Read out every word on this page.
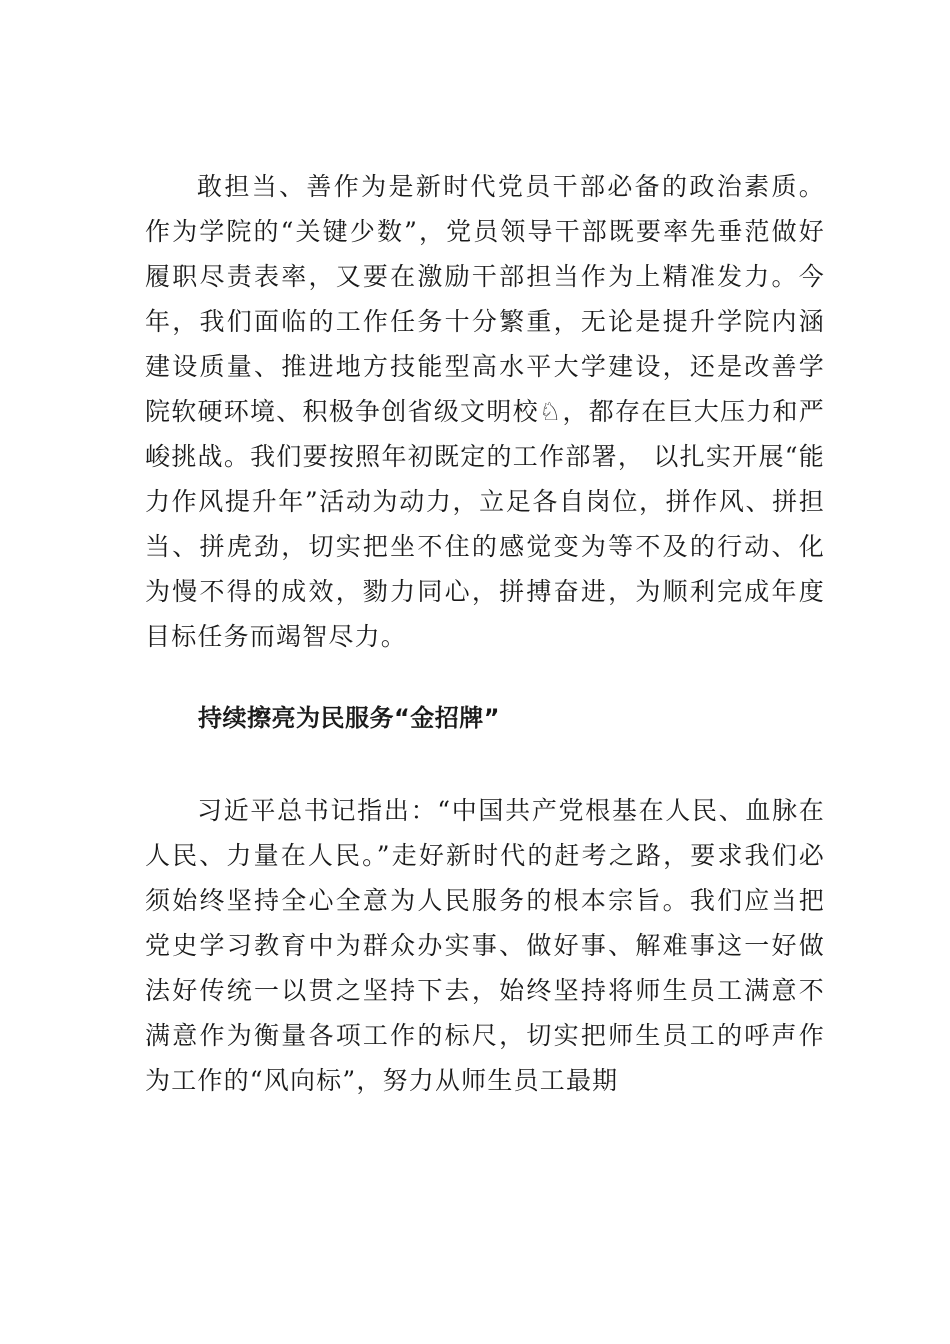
敢担当、善作为是新时代党员干部必备的政治素质。作为学院的“关键少数”，党员领导干部既要率先垂范做好履职尽责表率，又要在激励干部担当作为上精准发力。今年，我们面临的工作任务十分繁重，无论是提升学院内涵建设质量、推进地方技能型高水平大学建设，还是改善学院软硬环境、积极争创省级文明校♘，都存在巨大压力和严峻挑战。我们要按照年初既定的工作部署， 以扎实开展“能力作风提升年”活动为动力，立足各自岗位，拼作风、拼担当、拼虎劲，切实把坐不住的感觉变为等不及的行动、化为慢不得的成效，勠力同心，拼搏奋进，为顺利完成年度目标任务而竭智尽力。

持续擦亮为民服务“金招牌”

习近平总书记指出：“中国共产党根基在人民、血脉在人民、力量在人民。”走好新时代的赶考之路，要求我们必须始终坚持全心全意为人民服务的根本宗旨。我们应当把党史学习教育中为群众办实事、做好事、解难事这一好做法好传统一以贯之坚持下去，始终坚持将师生员工满意不满意作为衡量各项工作的标尺，切实把师生员工的呼声作为工作的“风向标”，努力从师生员工最期
